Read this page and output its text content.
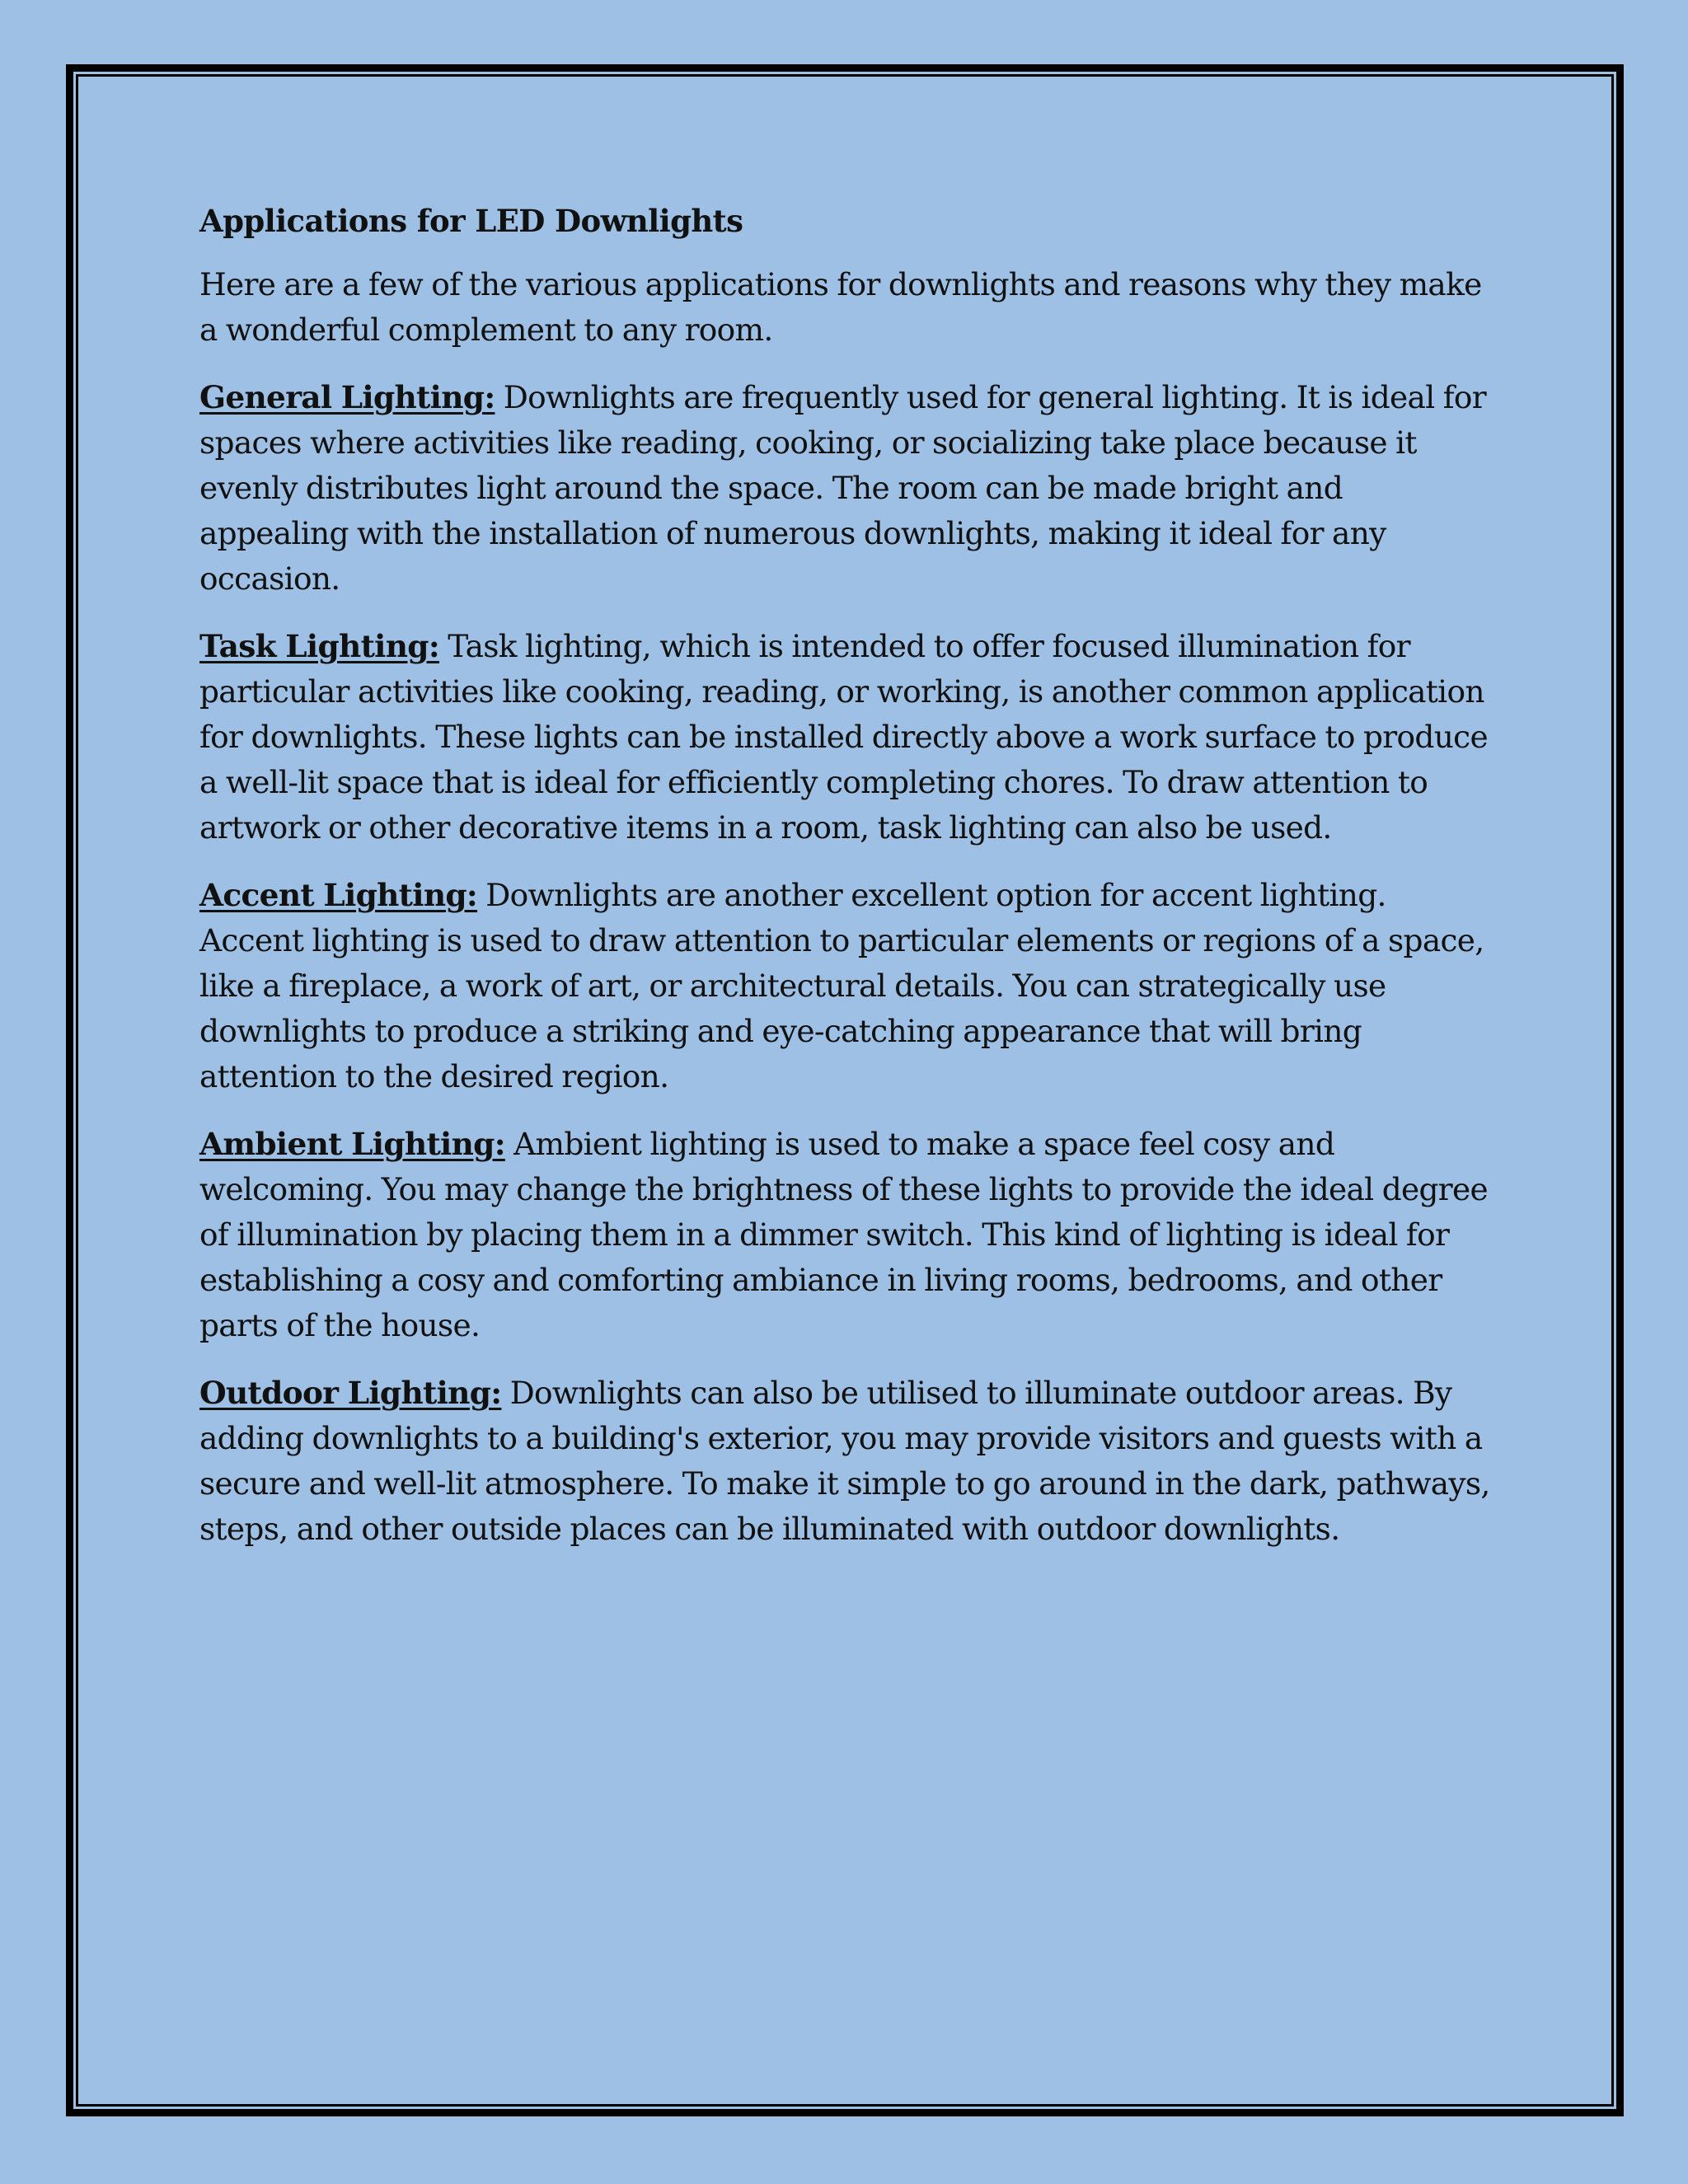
Applications for LED Downlights

Here are a few of the various applications for downlights and reasons why they make a wonderful complement to any room.

General Lighting: Downlights are frequently used for general lighting. It is ideal for spaces where activities like reading, cooking, or socializing take place because it evenly distributes light around the space. The room can be made bright and appealing with the installation of numerous downlights, making it ideal for any occasion.

Task Lighting: Task lighting, which is intended to offer focused illumination for particular activities like cooking, reading, or working, is another common application for downlights. These lights can be installed directly above a work surface to produce a well-lit space that is ideal for efficiently completing chores. To draw attention to artwork or other decorative items in a room, task lighting can also be used.

Accent Lighting: Downlights are another excellent option for accent lighting. Accent lighting is used to draw attention to particular elements or regions of a space, like a fireplace, a work of art, or architectural details. You can strategically use downlights to produce a striking and eye-catching appearance that will bring attention to the desired region.

Ambient Lighting: Ambient lighting is used to make a space feel cosy and welcoming. You may change the brightness of these lights to provide the ideal degree of illumination by placing them in a dimmer switch. This kind of lighting is ideal for establishing a cosy and comforting ambiance in living rooms, bedrooms, and other parts of the house.

Outdoor Lighting: Downlights can also be utilised to illuminate outdoor areas. By adding downlights to a building's exterior, you may provide visitors and guests with a secure and well-lit atmosphere. To make it simple to go around in the dark, pathways, steps, and other outside places can be illuminated with outdoor downlights.
